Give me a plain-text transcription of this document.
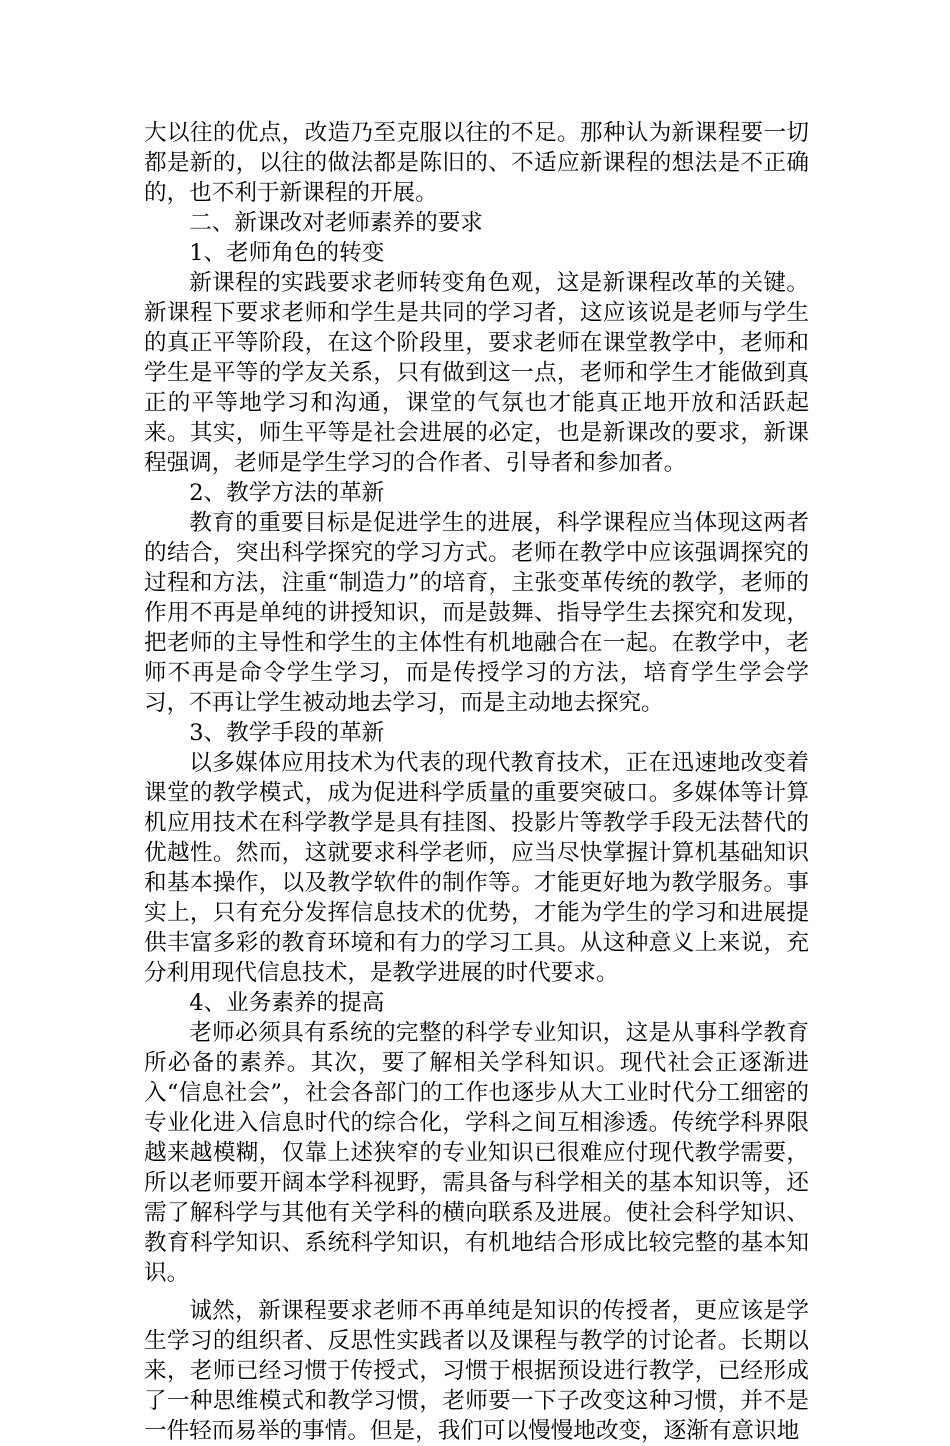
大以往的优点，改造乃至克服以往的不足。那种认为新课程要一切都是新的，以往的做法都是陈旧的、不适应新课程的想法是不正确的，也不利于新课程的开展。

二、新课改对老师素养的要求

1、老师角色的转变

新课程的实践要求老师转变角色观，这是新课程改革的关键。新课程下要求老师和学生是共同的学习者，这应该说是老师与学生的真正平等阶段，在这个阶段里，要求老师在课堂教学中，老师和学生是平等的学友关系，只有做到这一点，老师和学生才能做到真正的平等地学习和沟通，课堂的气氛也才能真正地开放和活跃起来。其实，师生平等是社会进展的必定，也是新课改的要求，新课程强调，老师是学生学习的合作者、引导者和参加者。

2、教学方法的革新

教育的重要目标是促进学生的进展，科学课程应当体现这两者的结合，突出科学探究的学习方式。老师在教学中应该强调探究的过程和方法，注重“制造力”的培育，主张变革传统的教学，老师的作用不再是单纯的讲授知识，而是鼓舞、指导学生去探究和发现，把老师的主导性和学生的主体性有机地融合在一起。在教学中，老师不再是命令学生学习，而是传授学习的方法，培育学生学会学习，不再让学生被动地去学习，而是主动地去探究。

3、教学手段的革新

以多媒体应用技术为代表的现代教育技术，正在迅速地改变着课堂的教学模式，成为促进科学质量的重要突破口。多媒体等计算机应用技术在科学教学是具有挂图、投影片等教学手段无法替代的优越性。然而，这就要求科学老师，应当尽快掌握计算机基础知识和基本操作，以及教学软件的制作等。才能更好地为教学服务。事实上，只有充分发挥信息技术的优势，才能为学生的学习和进展提供丰富多彩的教育环境和有力的学习工具。从这种意义上来说，充分利用现代信息技术，是教学进展的时代要求。

4、业务素养的提高

老师必须具有系统的完整的科学专业知识，这是从事科学教育所必备的素养。其次，要了解相关学科知识。现代社会正逐渐进入“信息社会”，社会各部门的工作也逐步从大工业时代分工细密的专业化进入信息时代的综合化，学科之间互相渗透。传统学科界限越来越模糊，仅靠上述狭窄的专业知识已很难应付现代教学需要，所以老师要开阔本学科视野，需具备与科学相关的基本知识等，还需了解科学与其他有关学科的横向联系及进展。使社会科学知识、教育科学知识、系统科学知识，有机地结合形成比较完整的基本知识。

诚然，新课程要求老师不再单纯是知识的传授者，更应该是学生学习的组织者、反思性实践者以及课程与教学的讨论者。长期以来，老师已经习惯于传授式，习惯于根据预设进行教学，已经形成了一种思维模式和教学习惯，老师要一下子改变这种习惯，并不是一件轻而易举的事情。但是，我们可以慢慢地改变，逐渐有意识地
